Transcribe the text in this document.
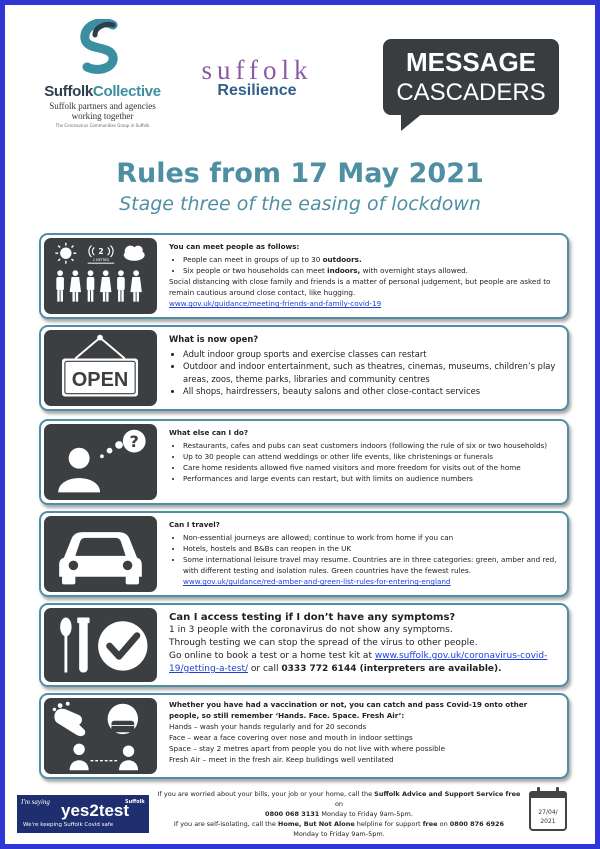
SuffolkCollective
Suffolk partners and agencies
working together
The Coronavirus Communities Group in Suffolk
suffolk
Resilience
MESSAGE
CASCADERS
Rules from 17 May 2021
Stage three of the easing of lockdown
2
2 METRES
You can meet people as follows:
• People can meet in groups of up to 30 outdoors.
• Six people or two households can meet indoors, with overnight stays allowed.

Social distancing with close family and friends is a matter of personal judgement, but people are asked to remain cautious around close contact, like hugging.

www.gov.uk/guidance/meeting-friends-and-family-covid-19

OPEN
What is now open?
• Adult indoor group sports and exercise classes can restart
• Outdoor and indoor entertainment, such as theatres, cinemas, museums, children’s play areas, zoos, theme parks, libraries and community centres
• All shops, hairdressers, beauty salons and other close-contact services
?	What else can I do?
• Restaurants, cafes and pubs can seat customers indoors (following the rule of six or two households)
• Up to 30 people can attend weddings or other life events, like christenings or funerals
• Care home residents allowed five named visitors and more freedom for visits out of the home
• Performances and large events can restart, but with limits on audience numbers
Can I travel?
• Non-essential journeys are allowed; continue to work from home if you can
• Hotels, hostels and B&Bs can reopen in the UK
• Some international leisure travel may resume. Countries are in three categories: green, amber and red, with different testing and isolation rules. Green countries have the fewest rules. www.gov.uk/guidance/red-amber-and-green-list-rules-for-entering-england
Can I access testing if I don’t have any symptoms?

1 in 3 people with the coronavirus do not show any symptoms.

Through testing we can stop the spread of the virus to other people.

Go online to book a test or a home test kit at www.suffolk.gov.uk/coronavirus-covid-19/getting-a-test/ or call 0333 772 6144 (interpreters are available).

Whether you have had a vaccination or not, you can catch and pass Covid-19 onto other people, so still remember ‘Hands. Face. Space. Fresh Air’:

Hands – wash your hands regularly and for 20 seconds

Face – wear a face covering over nose and mouth in indoor settings

Space – stay 2 metres apart from people you do not live with where possible

Fresh Air – meet in the fresh air. Keep buildings well ventilated

I'm saying yes2test
We're keeping Suffolk Covid safe
Suffolk
If you are worried about your bills, your job or your home, call the Suffolk Advice and Support Service free on
0800 068 3131 Monday to Friday 9am-5pm.
If you are self-isolating, call the Home, But Not Alone helpline for support free on 0800 876 6926
Monday to Friday 9am-5pm.
27/04/
2021
